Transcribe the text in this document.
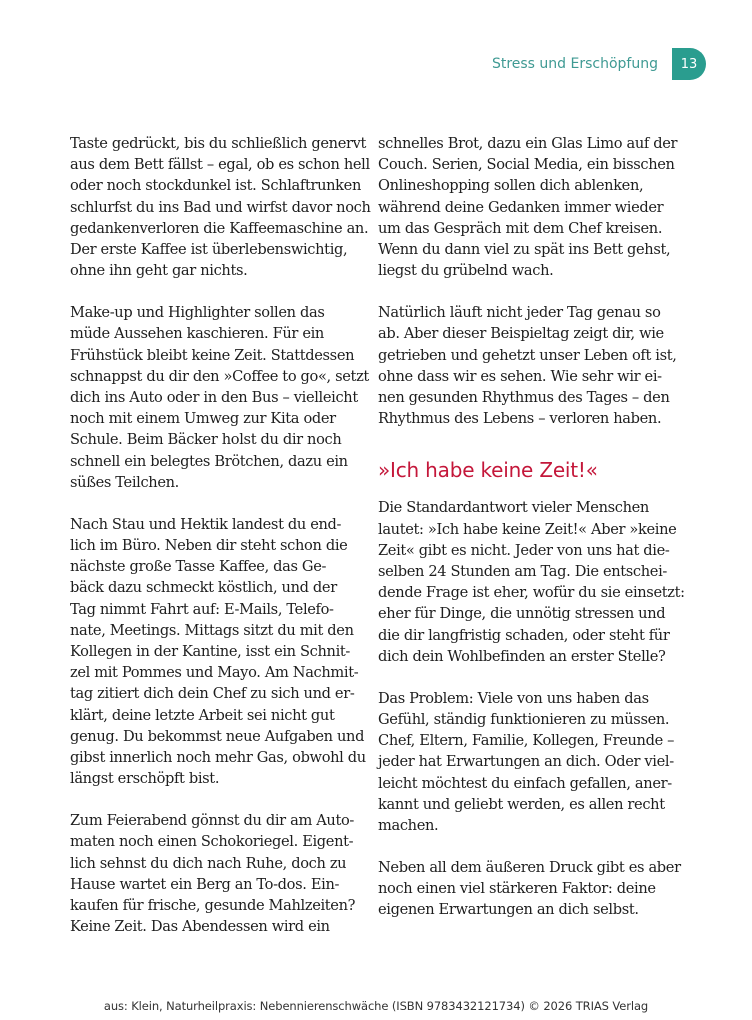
Stress und Erschöpfung	13

Taste gedrückt, bis du schließlich genervt
aus dem Bett fällst – egal, ob es schon hell
oder noch stockdunkel ist. Schlaftrunken
schlurfst du ins Bad und wirfst davor noch
gedankenverloren die Kaffeemaschine an.
Der erste Kaffee ist überlebenswichtig,
ohne ihn geht gar nichts.

Make-up und Highlighter sollen das
müde Aussehen kaschieren. Für ein
Frühstück bleibt keine Zeit. Stattdessen
schnappst du dir den »Coffee to go«, setzt
dich ins Auto oder in den Bus – vielleicht
noch mit einem Umweg zur Kita oder
Schule. Beim Bäcker holst du dir noch
schnell ein belegtes Brötchen, dazu ein
süßes Teilchen.

Nach Stau und Hektik landest du end-
lich im Büro. Neben dir steht schon die
nächste große Tasse Kaffee, das Ge-
bäck dazu schmeckt köstlich, und der
Tag nimmt Fahrt auf: E-Mails, Telefo-
nate, Meetings. Mittags sitzt du mit den
Kollegen in der Kantine, isst ein Schnit-
zel mit Pommes und Mayo. Am Nachmit-
tag zitiert dich dein Chef zu sich und er-
klärt, deine letzte Arbeit sei nicht gut
genug. Du bekommst neue Aufgaben und
gibst innerlich noch mehr Gas, obwohl du
längst erschöpft bist.

Zum Feierabend gönnst du dir am Auto-
maten noch einen Schokoriegel. Eigent-
lich sehnst du dich nach Ruhe, doch zu
Hause wartet ein Berg an To-dos. Ein-
kaufen für frische, gesunde Mahlzeiten?
Keine Zeit. Das Abendessen wird ein

schnelles Brot, dazu ein Glas Limo auf der
Couch. Serien, Social Media, ein bisschen
Onlineshopping sollen dich ablenken,
während deine Gedanken immer wieder
um das Gespräch mit dem Chef kreisen.
Wenn du dann viel zu spät ins Bett gehst,
liegst du grübelnd wach.

Natürlich läuft nicht jeder Tag genau so
ab. Aber dieser Beispieltag zeigt dir, wie
getrieben und gehetzt unser Leben oft ist,
ohne dass wir es sehen. Wie sehr wir ei-
nen gesunden Rhythmus des Tages – den
Rhythmus des Lebens – verloren haben.

»Ich habe keine Zeit!«

Die Standardantwort vieler Menschen
lautet: »Ich habe keine Zeit!« Aber »keine
Zeit« gibt es nicht. Jeder von uns hat die-
selben 24 Stunden am Tag. Die entschei-
dende Frage ist eher, wofür du sie einsetzt:
eher für Dinge, die unnötig stressen und
die dir langfristig schaden, oder steht für
dich dein Wohlbefinden an erster Stelle?

Das Problem: Viele von uns haben das
Gefühl, ständig funktionieren zu müssen.
Chef, Eltern, Familie, Kollegen, Freunde –
jeder hat Erwartungen an dich. Oder viel-
leicht möchtest du einfach gefallen, aner-
kannt und geliebt werden, es allen recht
machen.

Neben all dem äußeren Druck gibt es aber
noch einen viel stärkeren Faktor: deine
eigenen Erwartungen an dich selbst.

aus: Klein, Naturheilpraxis: Nebennierenschwäche (ISBN 9783432121734) © 2026 TRIAS Verlag
